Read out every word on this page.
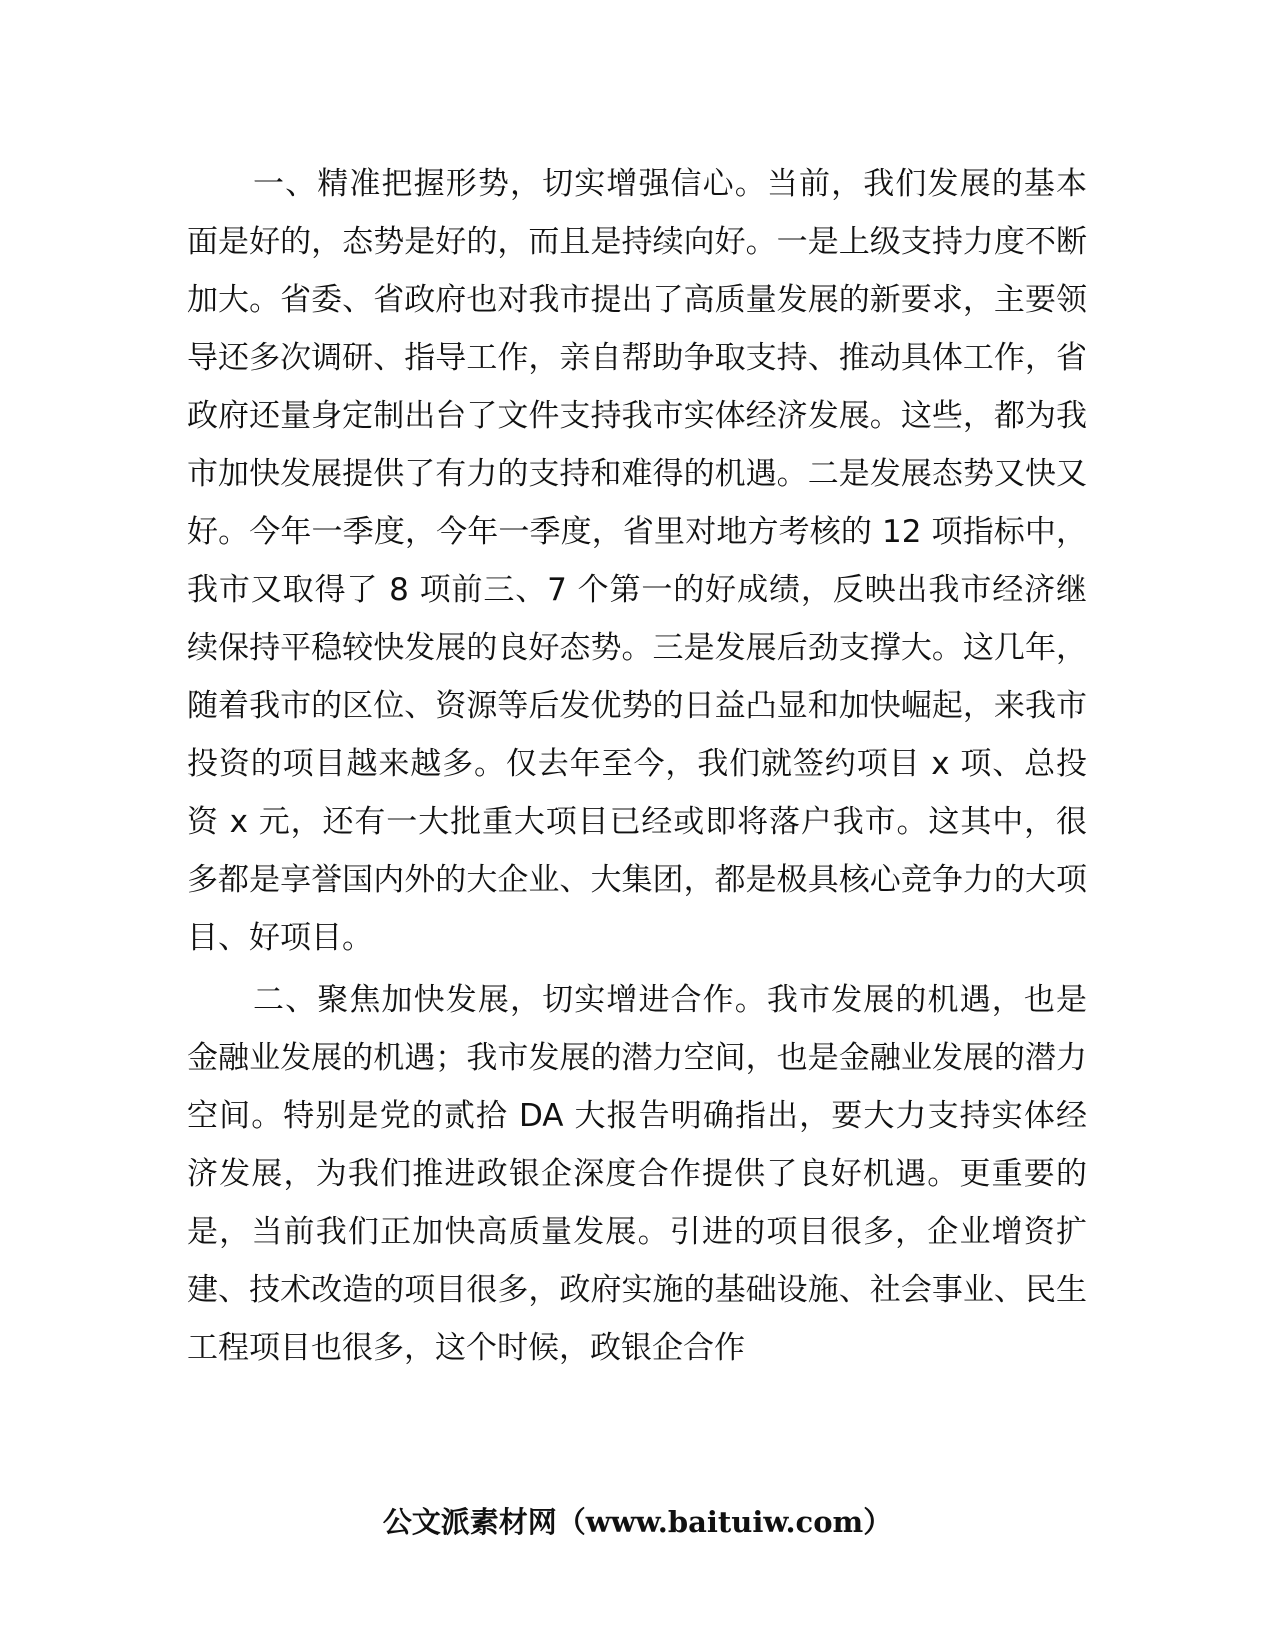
一、精准把握形势，切实增强信心。当前，我们发展的基本面是好的，态势是好的，而且是持续向好。一是上级支持力度不断加大。省委、省政府也对我市提出了高质量发展的新要求，主要领导还多次调研、指导工作，亲自帮助争取支持、推动具体工作，省政府还量身定制出台了文件支持我市实体经济发展。这些，都为我市加快发展提供了有力的支持和难得的机遇。二是发展态势又快又好。今年一季度，今年一季度，省里对地方考核的 12 项指标中，我市又取得了 8 项前三、7 个第一的好成绩，反映出我市经济继续保持平稳较快发展的良好态势。三是发展后劲支撑大。这几年，随着我市的区位、资源等后发优势的日益凸显和加快崛起，来我市投资的项目越来越多。仅去年至今，我们就签约项目 x 项、总投资 x 元，还有一大批重大项目已经或即将落户我市。这其中，很多都是享誉国内外的大企业、大集团，都是极具核心竞争力的大项目、好项目。

二、聚焦加快发展，切实增进合作。我市发展的机遇，也是金融业发展的机遇；我市发展的潜力空间，也是金融业发展的潜力空间。特别是党的贰拾 DA 大报告明确指出，要大力支持实体经济发展，为我们推进政银企深度合作提供了良好机遇。更重要的是，当前我们正加快高质量发展。引进的项目很多，企业增资扩建、技术改造的项目很多，政府实施的基础设施、社会事业、民生工程项目也很多，这个时候，政银企合作

公文派素材网（www.baituiw.com）
